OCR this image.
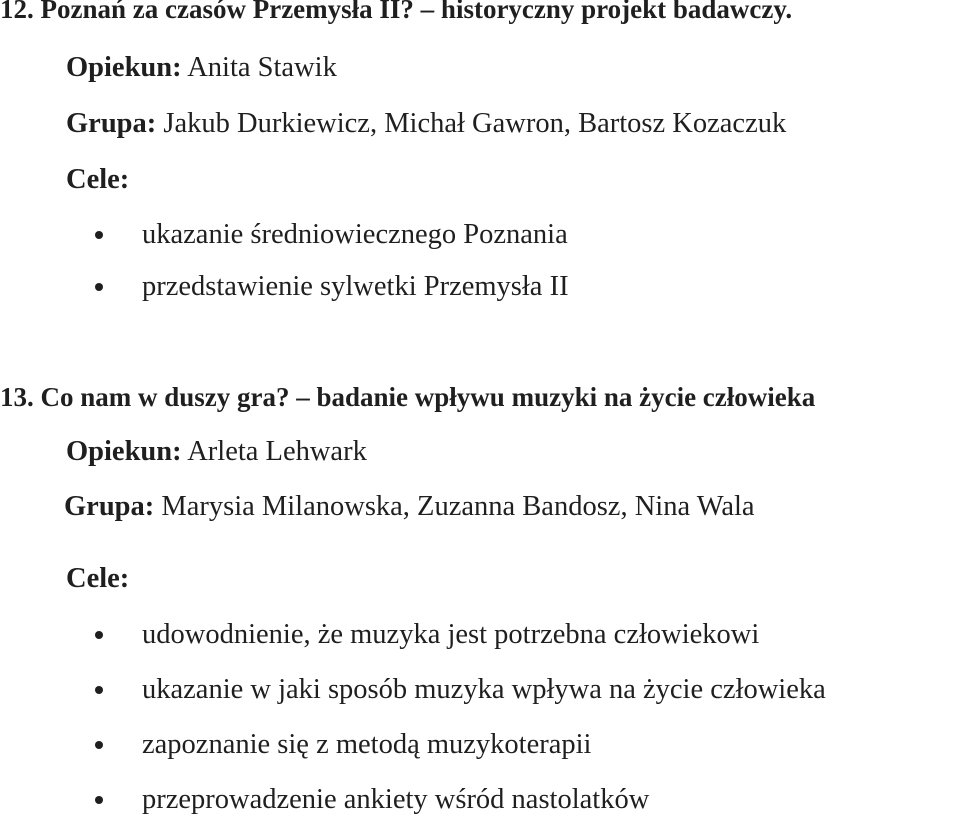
12. Poznań za czasów Przemysła II? – historyczny projekt badawczy.
Opiekun: Anita Stawik
Grupa: Jakub Durkiewicz, Michał Gawron, Bartosz Kozaczuk
Cele:
ukazanie średniowiecznego Poznania
przedstawienie sylwetki Przemysła II
13. Co nam w duszy gra? – badanie wpływu muzyki na życie człowieka
Opiekun: Arleta Lehwark
Grupa: Marysia Milanowska, Zuzanna Bandosz, Nina Wala
Cele:
udowodnienie, że muzyka jest potrzebna człowiekowi
ukazanie w jaki sposób muzyka wpływa na życie człowieka
zapoznanie się z metodą muzykoterapii
przeprowadzenie ankiety wśród nastolatków
